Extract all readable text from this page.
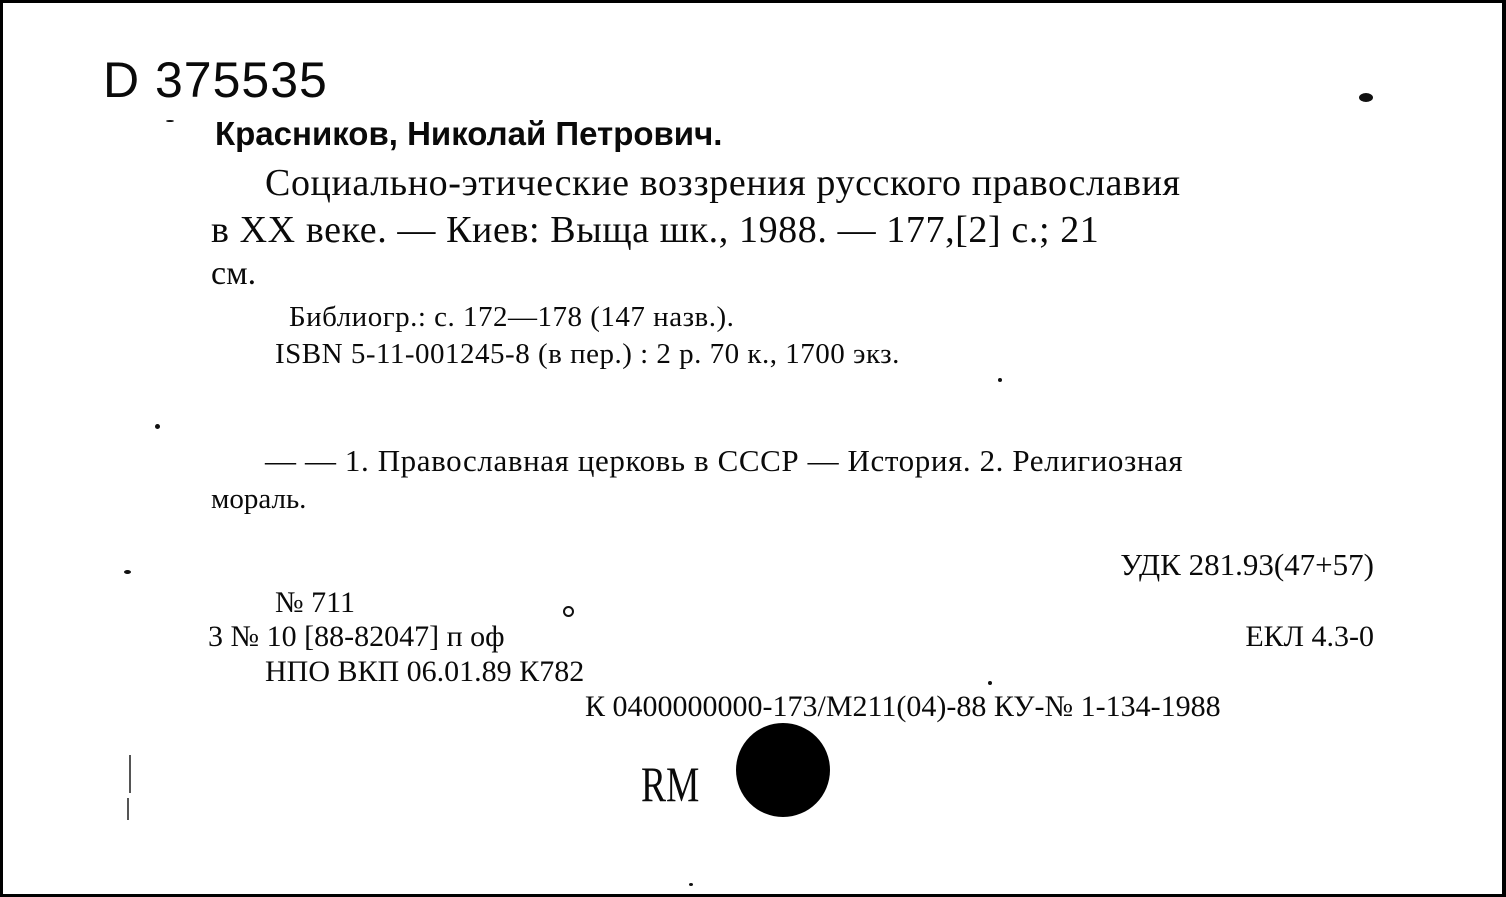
D 375535
Красников, Николай Петрович.
Социально-этические воззрения русского православия
в XX веке. — Киев: Выща шк., 1988. — 177,[2] с.; 21
см.
Библиогр.: с. 172—178 (147 назв.).
ISBN 5-11-001245-8 (в пер.) : 2 р. 70 к., 1700 экз.
— — 1. Православная церковь в СССР — История. 2. Религиозная
мораль.
УДК 281.93(47+57)
№ 711
3 № 10 [88-82047] п оф	ЕКЛ 4.3-0
НПО ВКП 06.01.89 К782
К 0400000000-173/М211(04)-88 КУ-№ 1-134-1988
RM
